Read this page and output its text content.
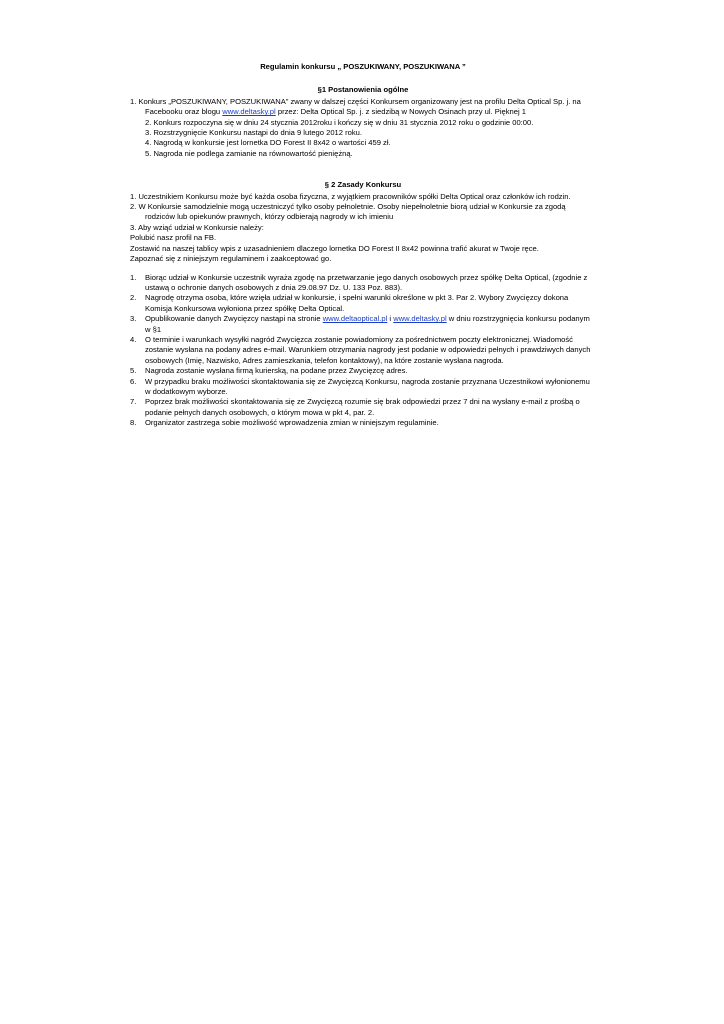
Regulamin konkursu „ POSZUKIWANY, POSZUKIWANA ”

§1 Postanowienia ogólne

1. Konkurs „POSZUKIWANY, POSZUKIWANA” zwany w dalszej części Konkursem organizowany jest na profilu Delta Optical Sp. j. na Facebooku oraz blogu www.deltasky.pl przez: Delta Optical Sp. j. z siedzibą w Nowych Osinach przy ul. Pięknej 1

2. Konkurs rozpoczyna się w dniu 24 stycznia 2012roku i kończy się w dniu 31 stycznia 2012 roku o godzinie 00:00.

3. Rozstrzygnięcie Konkursu nastąpi do dnia 9 lutego 2012 roku.

4. Nagrodą w konkursie jest lornetka DO Forest II 8x42 o wartości 459 zł.

5. Nagroda nie podlega zamianie na równowartość pieniężną.

§ 2 Zasady Konkursu

1. Uczestnikiem Konkursu może być każda osoba fizyczna, z wyjątkiem pracowników spółki Delta Optical oraz członków ich rodzin.

2. W Konkursie samodzielnie mogą uczestniczyć tylko osoby pełnoletnie. Osoby niepełnoletnie biorą udział w Konkursie za zgodą rodziców lub opiekunów prawnych, którzy odbierają nagrody w ich imieniu

3. Aby wziąć udział w Konkursie należy:

Polubić nasz profil na FB.

Zostawić na naszej tablicy wpis z uzasadnieniem dlaczego lornetka DO Forest II 8x42 powinna trafić akurat w Twoje ręce.

Zapoznać się z niniejszym regulaminem i zaakceptować go.

1.	Biorąc udział w Konkursie uczestnik wyraża zgodę na przetwarzanie jego danych osobowych przez spółkę Delta Optical, (zgodnie z ustawą o ochronie danych osobowych z dnia 29.08.97 Dz. U. 133 Poz. 883).
2.	Nagrodę otrzyma osoba, które wzięła udział w konkursie, i spełni warunki określone w pkt 3. Par 2. Wybory Zwycięzcy dokona Komisja Konkursowa wyłoniona przez spółkę Delta Optical.
3.	Opublikowanie danych Zwycięzcy nastąpi na stronie www.deltaoptical.pl i www.deltasky.pl w dniu rozstrzygnięcia konkursu podanym w §1
4.	O terminie i warunkach wysyłki nagród Zwycięzca zostanie powiadomiony za pośrednictwem poczty elektronicznej. Wiadomość zostanie wysłana na podany adres e-mail. Warunkiem otrzymania nagrody jest podanie w odpowiedzi pełnych i prawdziwych danych osobowych (Imię, Nazwisko, Adres zamieszkania, telefon kontaktowy), na które zostanie wysłana nagroda.
5.	Nagroda zostanie wysłana firmą kurierską, na podane przez Zwycięzcę adres.
6.	W przypadku braku możliwości skontaktowania się ze Zwycięzcą Konkursu, nagroda zostanie przyznana Uczestnikowi wyłonionemu w dodatkowym wyborze.
7.	Poprzez brak możliwości skontaktowania się ze Zwycięzcą rozumie się brak odpowiedzi przez 7 dni na wysłany e-mail z prośbą o podanie pełnych danych osobowych, o którym mowa w pkt 4, par. 2.
8.	Organizator zastrzega sobie możliwość wprowadzenia zmian w niniejszym regulaminie.
